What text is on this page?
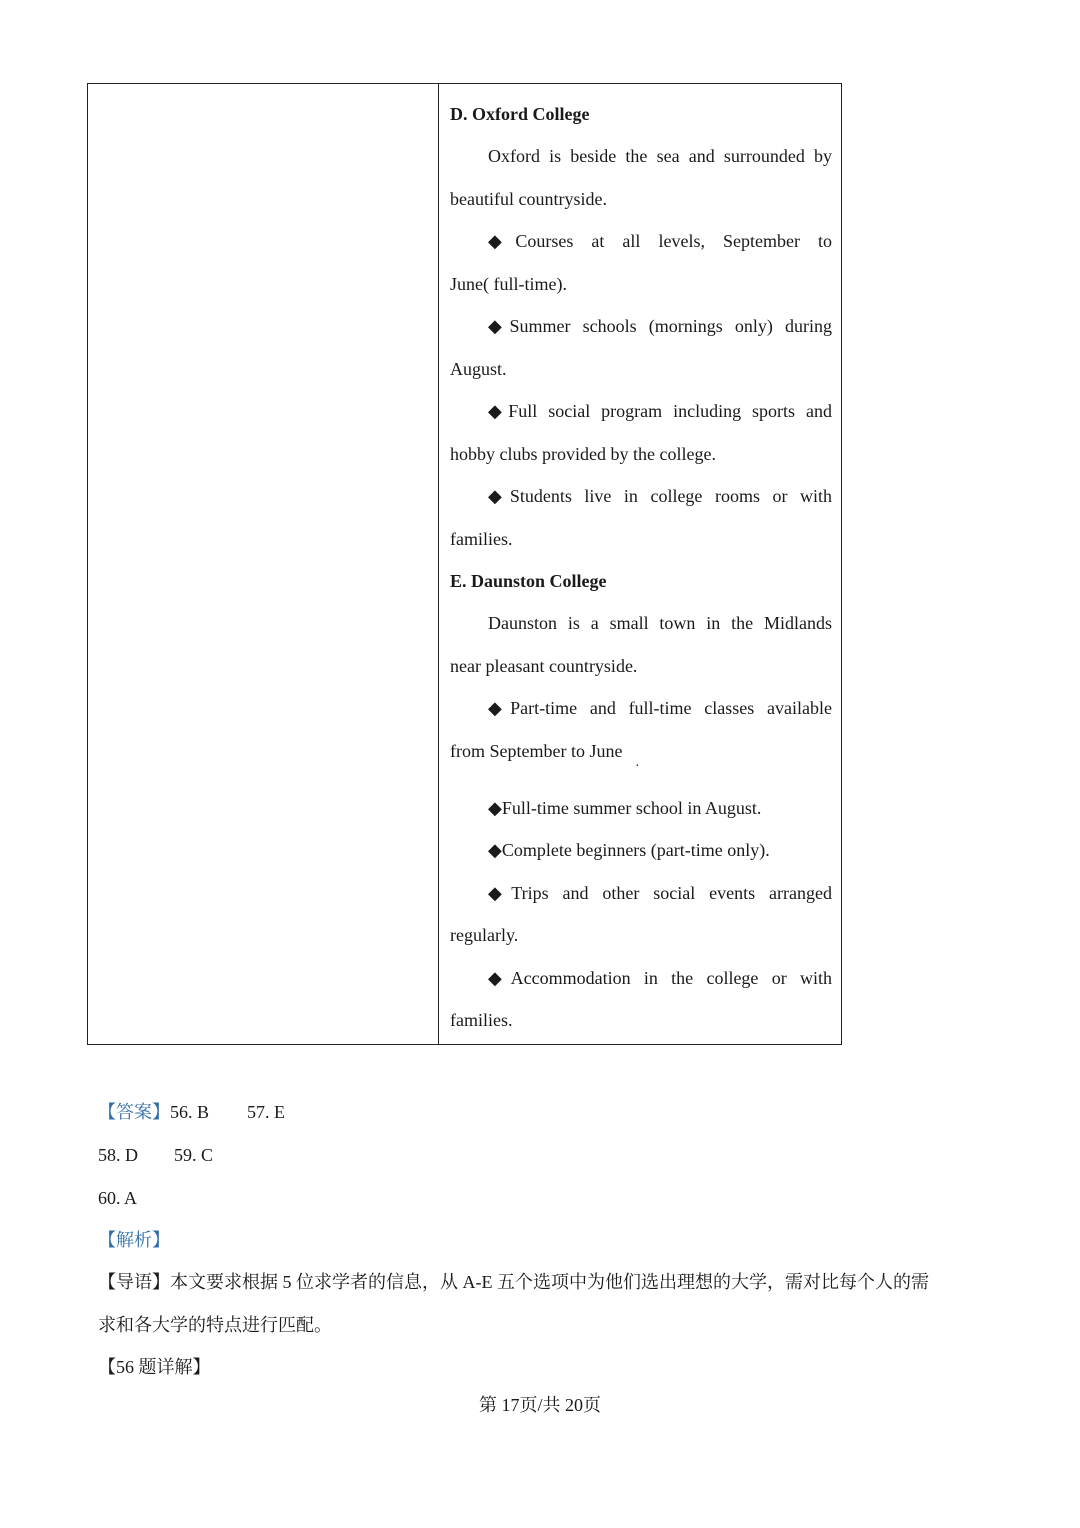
D. Oxford College
Oxford is beside the sea and surrounded by
beautiful countryside.
◆Courses at all levels, September to
June( full-time).
◆Summer schools (mornings only) during
August.
◆Full social program including sports and
hobby clubs provided by the college.
◆Students live in college rooms or with
families.
E. Daunston College
Daunston is a small town in the Midlands
near pleasant countryside.
◆Part-time and full-time classes available
from September to June
·
◆Full-time summer school in August.
◆Complete beginners (part-time only).
◆Trips and other social events arranged
regularly.
◆Accommodation in the college or with
families.
【答案】56. B 57. E
58. D 59. C
60. A
【解析】
【导语】本文要求根据 5 位求学者的信息，从 A-E 五个选项中为他们选出理想的大学，需对比每个人的需
求和各大学的特点进行匹配。
【56 题详解】
第 17页/共 20页
